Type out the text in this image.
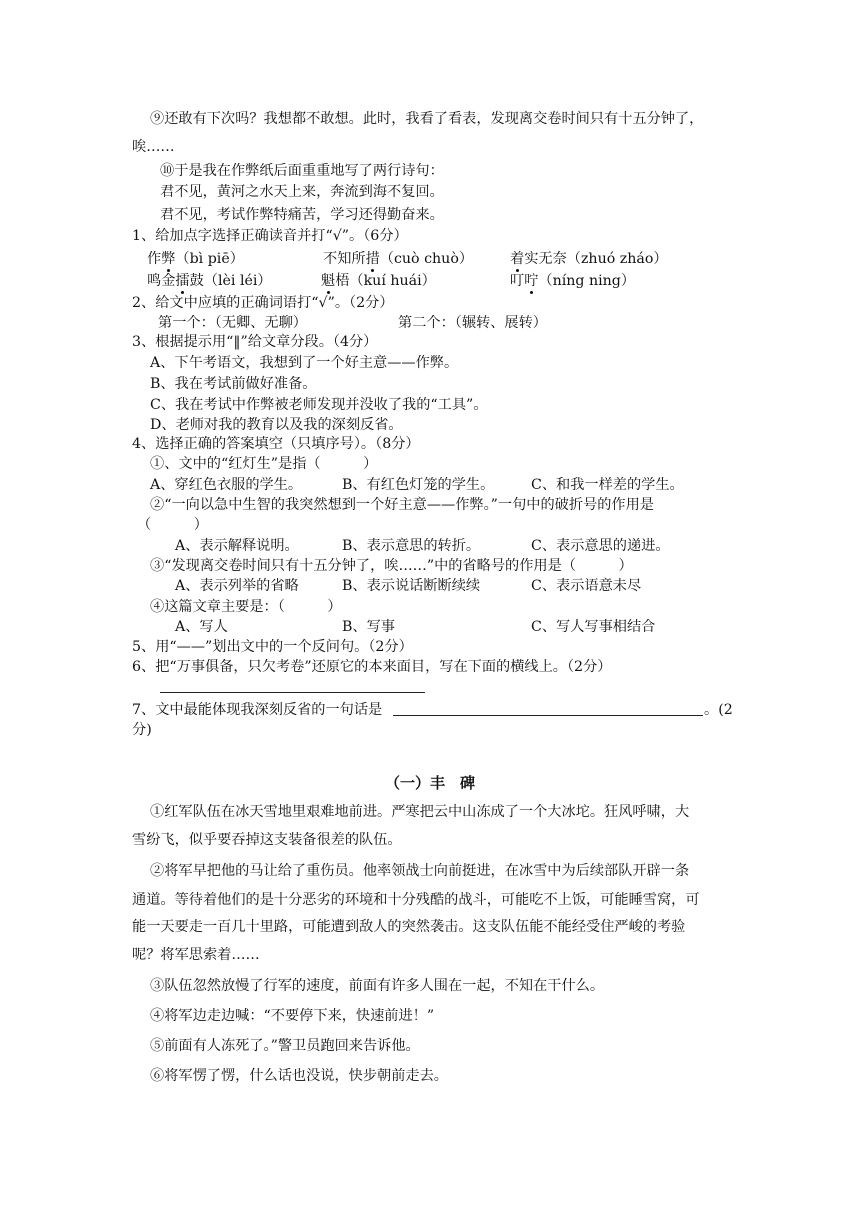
⑨还敢有下次吗？我想都不敢想。此时，我看了看表，发现离交卷时间只有十五分钟了，
唉……
⑩于是我在作弊纸后面重重地写了两行诗句：
君不见，黄河之水天上来，奔流到海不复回。
君不见，考试作弊特痛苦，学习还得勤奋来。
1、给加点字选择正确读音并打“√”。（6分）
作弊（bì piē）	不知所措（cuò chuò）	着实无奈（zhuó zháo）
鸣金擂鼓（lèi léi）	魁梧（kuí huái）	叮咛（níng ning）
2、给文中应填的正确词语打“√”。（2分）
第一个：（无卿、无聊）	第二个：（辗转、展转）
3、根据提示用“‖”给文章分段。（4分）
A、下午考语文，我想到了一个好主意——作弊。
B、我在考试前做好准备。
C、我在考试中作弊被老师发现并没收了我的“工具”。
D、老师对我的教育以及我的深刻反省。
4、选择正确的答案填空（只填序号）。（8分）
①、文中的“红灯生”是指（　　　）
A、穿红色衣服的学生。	B、有红色灯笼的学生。	C、和我一样差的学生。
②“一向以急中生智的我突然想到一个好主意——作弊。”一句中的破折号的作用是
（　　　）
A、表示解释说明。	B、表示意思的转折。	C、表示意思的递进。
③“发现离交卷时间只有十五分钟了，唉……”中的省略号的作用是（　　　）
A、表示列举的省略	B、表示说话断断续续	C、表示语意未尽
④这篇文章主要是：（　　　）
A、写人	B、写事	C、写人写事相结合
5、用“——”划出文中的一个反问句。（2分）
6、把“万事俱备，只欠考卷”还原它的本来面目，写在下面的横线上。（2分）
7、文中最能体现我深刻反省的一句话是	。(2
分)
（一）丰　碑
①红军队伍在冰天雪地里艰难地前进。严寒把云中山冻成了一个大冰坨。狂风呼啸，大
雪纷飞，似乎要吞掉这支装备很差的队伍。
②将军早把他的马让给了重伤员。他率领战士向前挺进，在冰雪中为后续部队开辟一条
通道。等待着他们的是十分恶劣的环境和十分残酷的战斗，可能吃不上饭，可能睡雪窝，可
能一天要走一百几十里路，可能遭到敌人的突然袭击。这支队伍能不能经受住严峻的考验
呢？将军思索着……
③队伍忽然放慢了行军的速度，前面有许多人围在一起，不知在干什么。
④将军边走边喊：“不要停下来，快速前进！”
⑤前面有人冻死了。”警卫员跑回来告诉他。
⑥将军愣了愣，什么话也没说，快步朝前走去。
